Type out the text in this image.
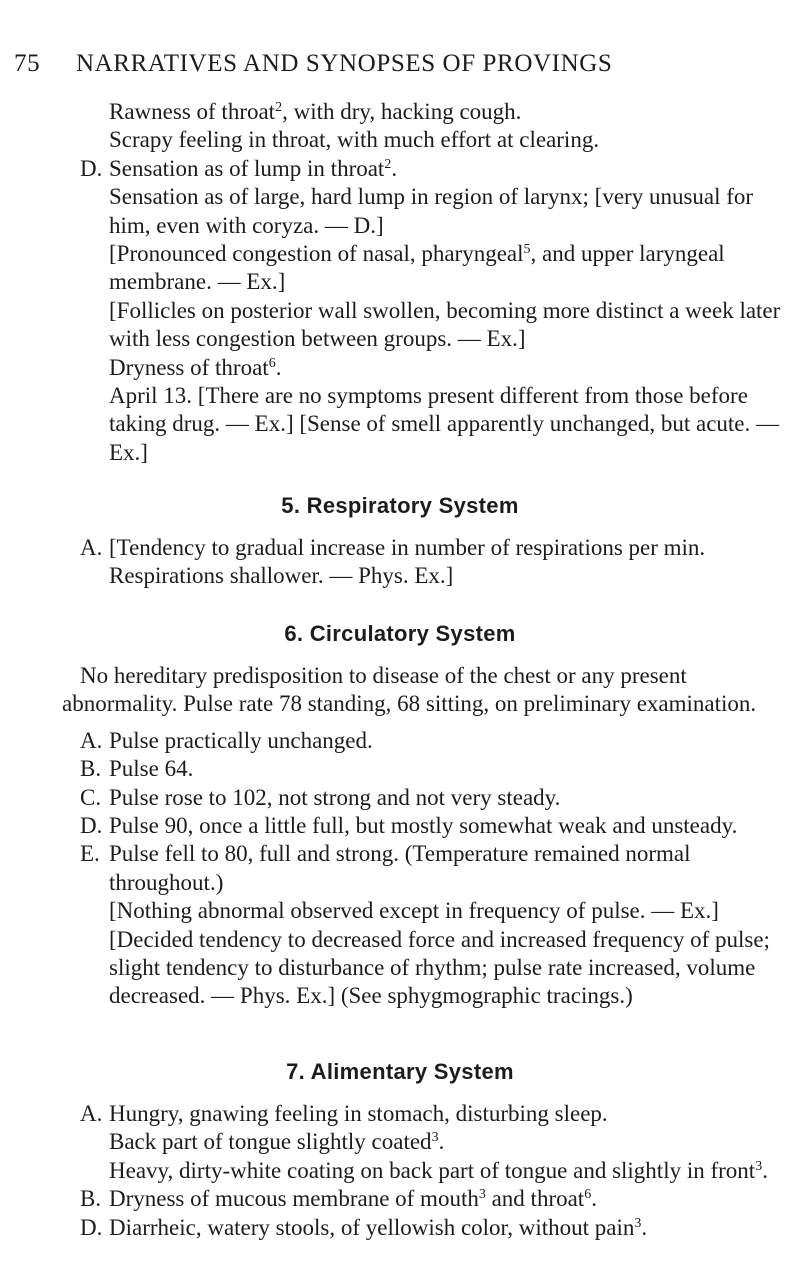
75 NARRATIVES AND SYNOPSES OF PROVINGS
Rawness of throat$^2$, with dry, hacking cough.
Scrapy feeling in throat, with much effort at clearing.
D. Sensation as of lump in throat$^2$.
Sensation as of large, hard lump in region of larynx; [very unusual for him, even with coryza. — D.]
[Pronounced congestion of nasal, pharyngeal$^5$, and upper laryngeal membrane. — Ex.]
[Follicles on posterior wall swollen, becoming more distinct a week later with less congestion between groups. — Ex.]
Dryness of throat$^6$.
April 13. [There are no symptoms present different from those before taking drug. — Ex.] [Sense of smell apparently unchanged, but acute. — Ex.]
5. Respiratory System
A. [Tendency to gradual increase in number of respirations per min. Respirations shallower. — Phys. Ex.]
6. Circulatory System
No hereditary predisposition to disease of the chest or any present abnormality. Pulse rate 78 standing, 68 sitting, on preliminary examination.
A. Pulse practically unchanged.
B. Pulse 64.
C. Pulse rose to 102, not strong and not very steady.
D. Pulse 90, once a little full, but mostly somewhat weak and unsteady.
E. Pulse fell to 80, full and strong. (Temperature remained normal throughout.)
[Nothing abnormal observed except in frequency of pulse. — Ex.]
[Decided tendency to decreased force and increased frequency of pulse; slight tendency to disturbance of rhythm; pulse rate increased, volume decreased. — Phys. Ex.] (See sphygmographic tracings.)
7. Alimentary System
A. Hungry, gnawing feeling in stomach, disturbing sleep.
Back part of tongue slightly coated$^3$.
Heavy, dirty-white coating on back part of tongue and slightly in front$^3$.
B. Dryness of mucous membrane of mouth$^3$ and throat$^6$.
D. Diarrheic, watery stools, of yellowish color, without pain$^3$.
